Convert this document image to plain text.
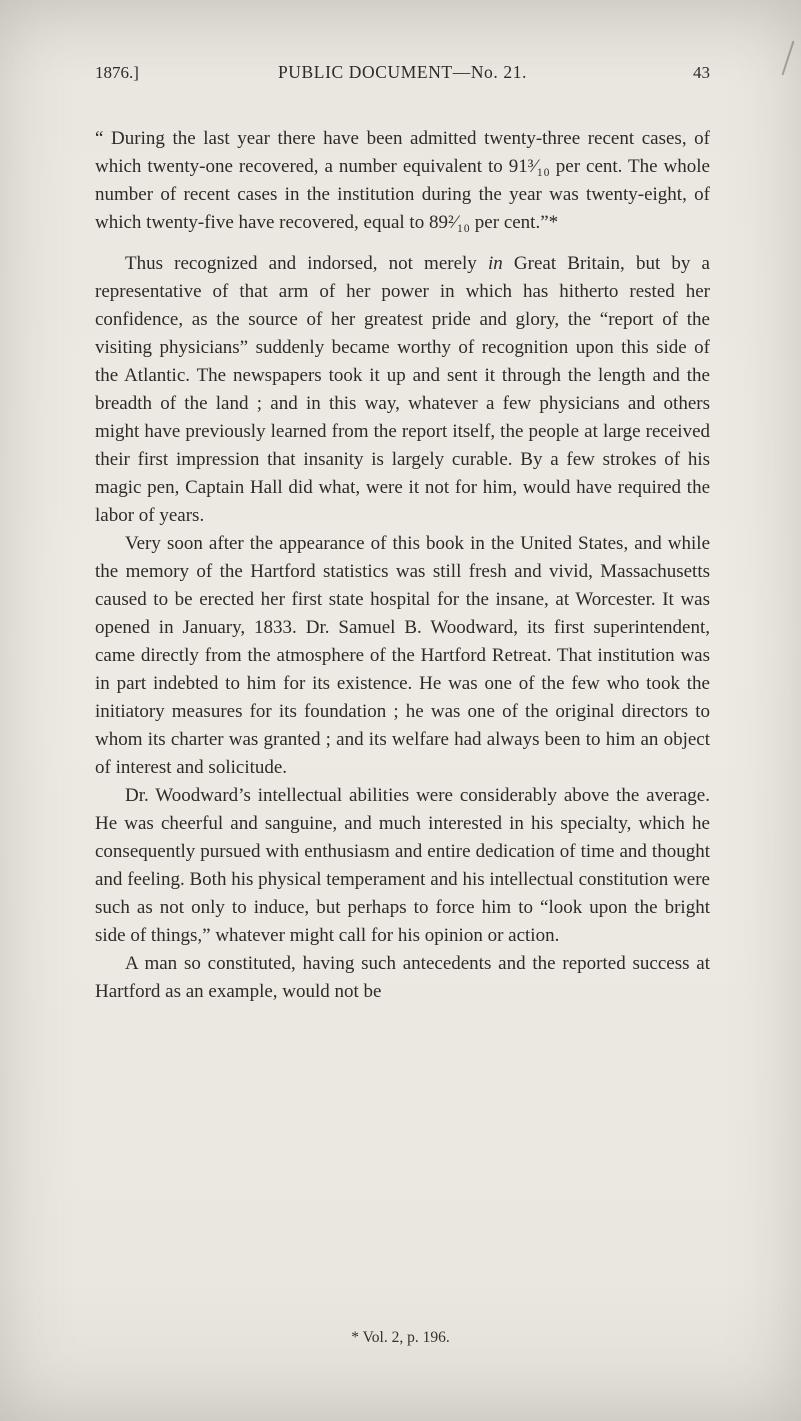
1876.]	PUBLIC DOCUMENT—No. 21.	43

“ During the last year there have been admitted twenty-three recent cases, of which twenty-one recovered, a number equivalent to 91³⁄₁₀ per cent. The whole number of recent cases in the institution during the year was twenty-eight, of which twenty-five have recovered, equal to 89²⁄₁₀ per cent.”*

Thus recognized and indorsed, not merely in Great Britain, but by a representative of that arm of her power in which has hitherto rested her confidence, as the source of her greatest pride and glory, the “report of the visiting physicians” suddenly became worthy of recognition upon this side of the Atlantic. The newspapers took it up and sent it through the length and the breadth of the land ; and in this way, whatever a few physicians and others might have previously learned from the report itself, the people at large received their first impression that insanity is largely curable. By a few strokes of his magic pen, Captain Hall did what, were it not for him, would have required the labor of years.

Very soon after the appearance of this book in the United States, and while the memory of the Hartford statistics was still fresh and vivid, Massachusetts caused to be erected her first state hospital for the insane, at Worcester. It was opened in January, 1833. Dr. Samuel B. Woodward, its first superintendent, came directly from the atmosphere of the Hartford Retreat. That institution was in part indebted to him for its existence. He was one of the few who took the initiatory measures for its foundation ; he was one of the original directors to whom its charter was granted ; and its welfare had always been to him an object of interest and solicitude.

Dr. Woodward’s intellectual abilities were considerably above the average. He was cheerful and sanguine, and much interested in his specialty, which he consequently pursued with enthusiasm and entire dedication of time and thought and feeling. Both his physical temperament and his intellectual constitution were such as not only to induce, but perhaps to force him to “look upon the bright side of things,” whatever might call for his opinion or action.

A man so constituted, having such antecedents and the reported success at Hartford as an example, would not be

* Vol. 2, p. 196.
